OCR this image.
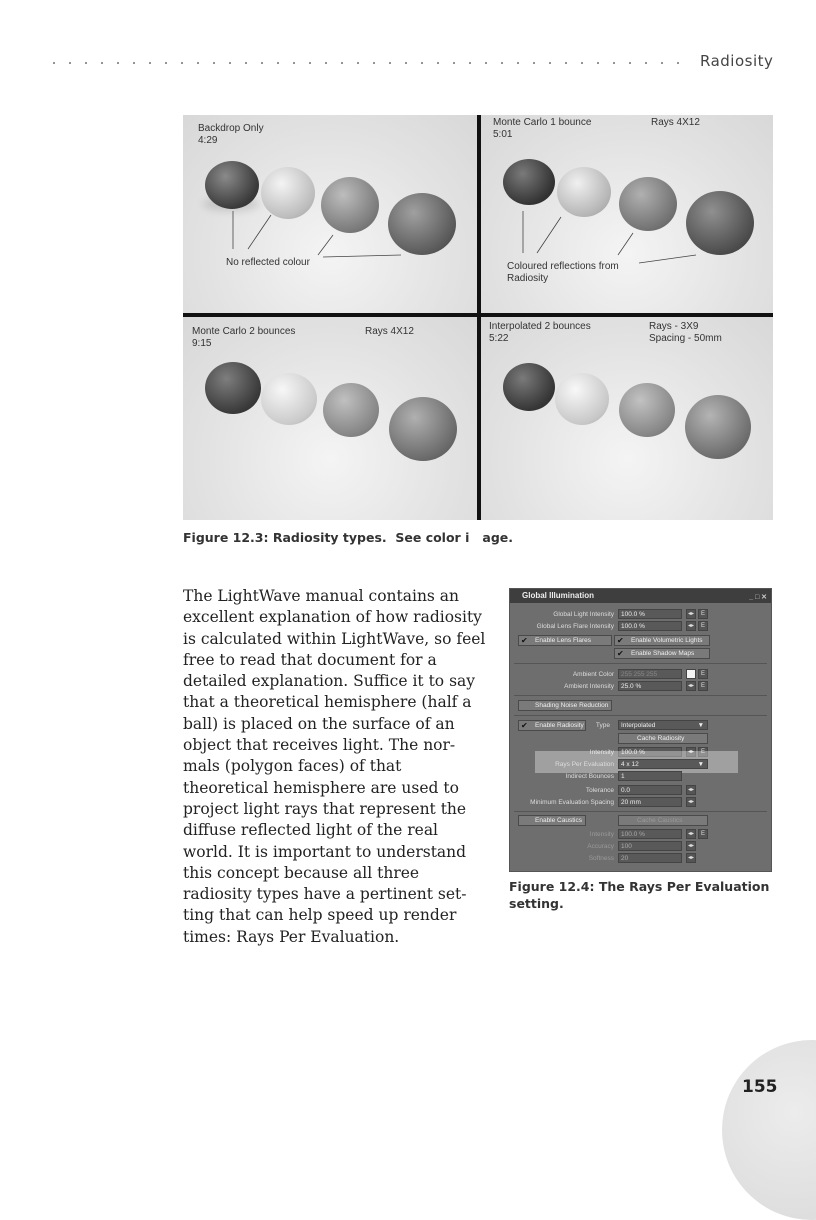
Radiosity
Backdrop Only
4:29
No reflected colour
Monte Carlo 1 bounce
5:01
Rays 4X12
Coloured reflections from
Radiosity
Monte Carlo 2 bounces
9:15
Rays 4X12	Interpolated 2 bounces
5:22
Rays - 3X9
Spacing - 50mm
Figure 12.3: Radiosity types.  See color i   age.
The LightWave manual contains an
excellent explanation of how radiosity
is calculated within LightWave, so feel
free to read that document for a
detailed explanation. Suffice it to say
that a theoretical hemisphere (half a
ball) is placed on the surface of an
object that receives light. The nor-
mals (polygon faces) of that
theoretical hemisphere are used to
project light rays that represent the
diffuse reflected light of the real
world. It is important to understand
this concept because all three
radiosity types have a pertinent set-
ting that can help speed up render
times: Rays Per Evaluation.
Global Illumination	_ □ ✕
Global Light Intensity	100.0 %	◂▸	E
Global Lens Flare Intensity	100.0 %	◂▸	E
✔ Enable Lens Flares	✔ Enable Volumetric Lights
✔ Enable Shadow Maps
Ambient Color	255 255 255	E
Ambient Intensity	25.0 %	◂▸	E
Shading Noise Reduction
✔ Enable Radiosity	Type	Interpolated	▼
Cache Radiosity
Intensity	100.0 %	◂▸	E
Rays Per Evaluation	4 x 12	▼
Indirect Bounces	1
Tolerance	0.0	◂▸
Minimum Evaluation Spacing	20 mm	◂▸
Enable Caustics	Cache Caustics
Intensity	100.0 %	◂▸	E
Accuracy	100	◂▸
Softness	20	◂▸
Figure 12.4: The Rays Per Evaluation setting.
155
